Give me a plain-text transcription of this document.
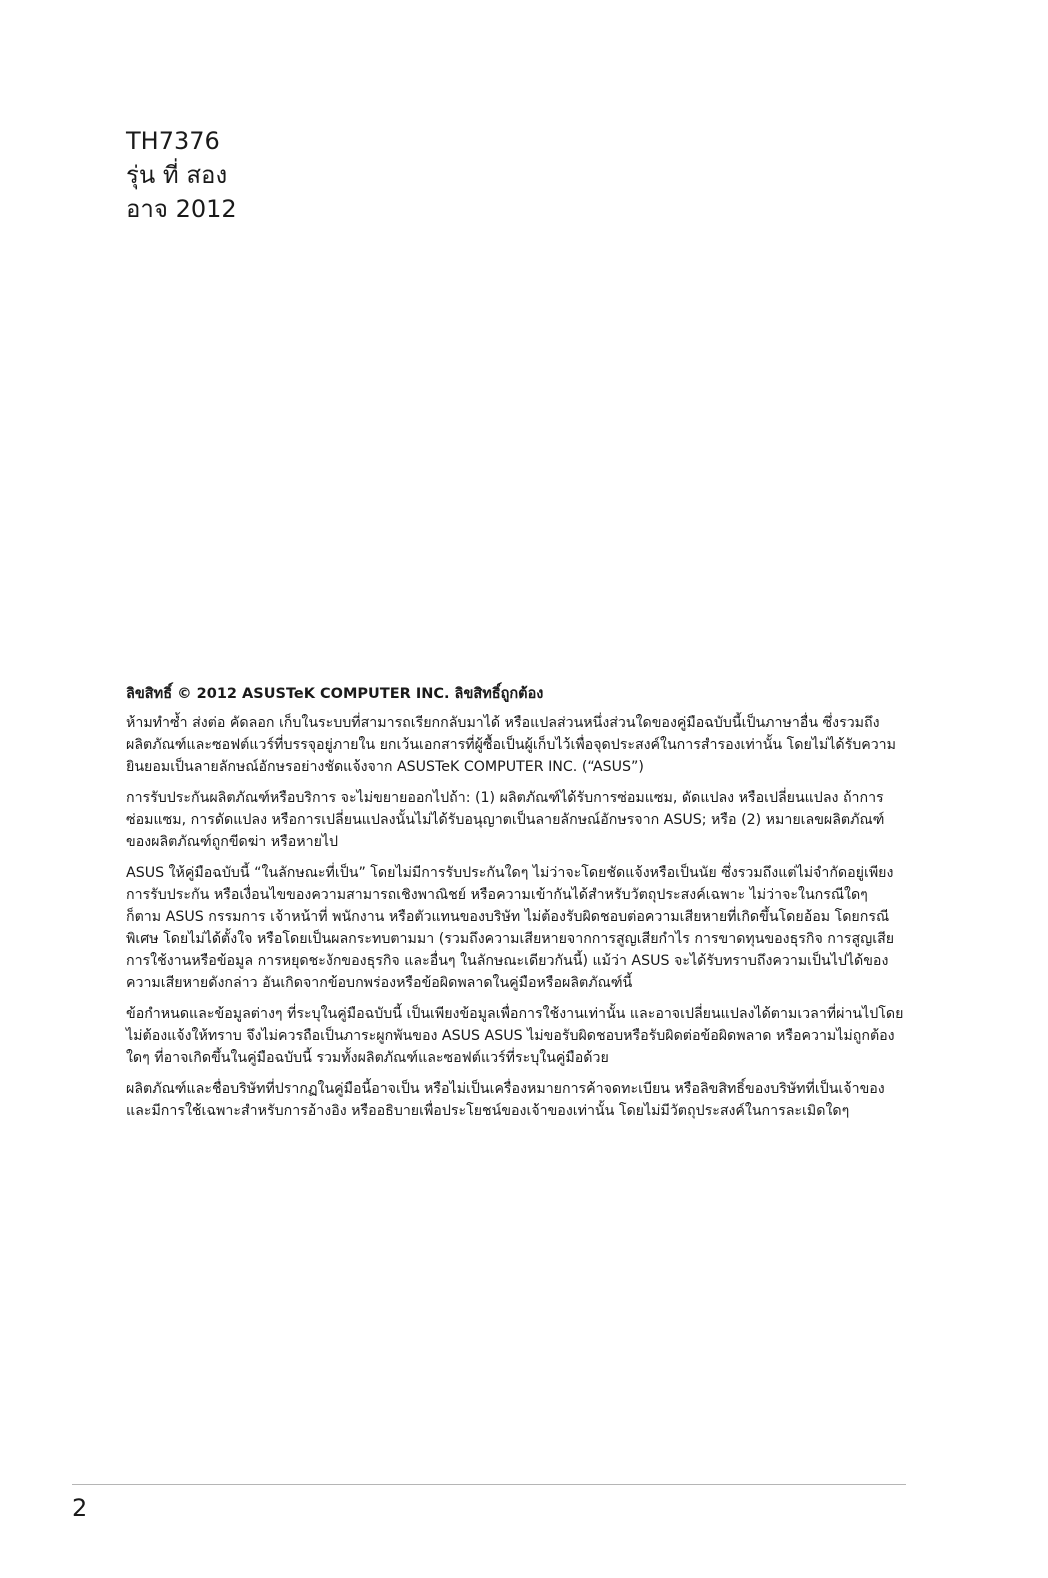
TH7376

รุ่น ที่ สอง

อาจ 2012

ลิขสิทธิ์ © 2012 ASUSTeK COMPUTER INC. ลิขสิทธิ์ถูกต้อง

ห้ามทําซ้ำ ส่งต่อ คัดลอก เก็บในระบบที่สามารถเรียกกลับมาได้ หรือแปลส่วนหนึ่งส่วนใดของคู่มือฉบับนี้เป็นภาษาอื่น ซึ่งรวมถึงผลิตภัณฑ์และซอฟต์แวร์ที่บรรจุอยู่ภายใน ยกเว้นเอกสารที่ผู้ซื้อเป็นผู้เก็บไว้เพื่อจุดประสงค์ในการสํารองเท่านั้น โดยไม่ได้รับความยินยอมเป็นลายลักษณ์อักษรอย่างชัดแจ้งจาก ASUSTeK COMPUTER INC. (“ASUS”)

การรับประกันผลิตภัณฑ์หรือบริการ จะไม่ขยายออกไปถ้า: (1) ผลิตภัณฑ์ได้รับการซ่อมแซม, ดัดแปลง หรือเปลี่ยนแปลง ถ้าการซ่อมแซม, การดัดแปลง หรือการเปลี่ยนแปลงนั้นไม่ได้รับอนุญาตเป็นลายลักษณ์อักษรจาก ASUS; หรือ (2) หมายเลขผลิตภัณฑ์ของผลิตภัณฑ์ถูกขีดฆ่า หรือหายไป

ASUS ให้คู่มือฉบับนี้ “ในลักษณะที่เป็น” โดยไม่มีการรับประกันใดๆ ไม่ว่าจะโดยชัดแจ้งหรือเป็นนัย ซึ่งรวมถึงแต่ไม่จํากัดอยู่เพียงการรับประกัน หรือเงื่อนไขของความสามารถเชิงพาณิชย์ หรือความเข้ากันได้สําหรับวัตถุประสงค์เฉพาะ ไม่ว่าจะในกรณีใดๆ ก็ตาม ASUS กรรมการ เจ้าหน้าที่ พนักงาน หรือตัวแทนของบริษัท ไม่ต้องรับผิดชอบต่อความเสียหายที่เกิดขึ้นโดยอ้อม โดยกรณีพิเศษ โดยไม่ได้ตั้งใจ หรือโดยเป็นผลกระทบตามมา (รวมถึงความเสียหายจากการสูญเสียกําไร การขาดทุนของธุรกิจ การสูญเสียการใช้งานหรือข้อมูล การหยุดชะงักของธุรกิจ และอื่นๆ ในลักษณะเดียวกันนี้) แม้ว่า ASUS จะได้รับทราบถึงความเป็นไปได้ของความเสียหายดังกล่าว อันเกิดจากข้อบกพร่องหรือข้อผิดพลาดในคู่มือหรือผลิตภัณฑ์นี้

ข้อกําหนดและข้อมูลต่างๆ ที่ระบุในคู่มือฉบับนี้ เป็นเพียงข้อมูลเพื่อการใช้งานเท่านั้น และอาจเปลี่ยนแปลงได้ตามเวลาที่ผ่านไปโดยไม่ต้องแจ้งให้ทราบ จึงไม่ควรถือเป็นภาระผูกพันของ ASUS ASUS ไม่ขอรับผิดชอบหรือรับผิดต่อข้อผิดพลาด หรือความไม่ถูกต้องใดๆ ที่อาจเกิดขึ้นในคู่มือฉบับนี้ รวมทั้งผลิตภัณฑ์และซอฟต์แวร์ที่ระบุในคู่มือด้วย

ผลิตภัณฑ์และชื่อบริษัทที่ปรากฏในคู่มือนี้อาจเป็น หรือไม่เป็นเครื่องหมายการค้าจดทะเบียน หรือลิขสิทธิ์ของบริษัทที่เป็นเจ้าของ และมีการใช้เฉพาะสําหรับการอ้างอิง หรืออธิบายเพื่อประโยชน์ของเจ้าของเท่านั้น โดยไม่มีวัตถุประสงค์ในการละเมิดใดๆ

2
